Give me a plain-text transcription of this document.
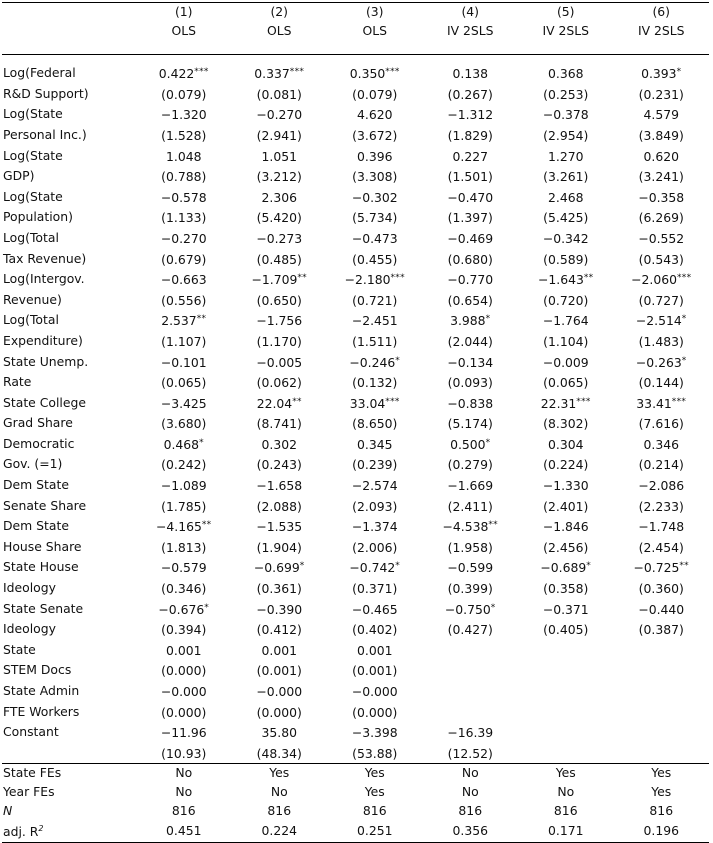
	(1)	(2)	(3)	(4)	(5)	(6)
	OLS	OLS	OLS	IV 2SLS	IV 2SLS	IV 2SLS
Log(Federal	0.422***	0.337***	0.350***	0.138	0.368	0.393*
R&D Support)	(0.079)	(0.081)	(0.079)	(0.267)	(0.253)	(0.231)
Log(State	−1.320	−0.270	4.620	−1.312	−0.378	4.579
Personal Inc.)	(1.528)	(2.941)	(3.672)	(1.829)	(2.954)	(3.849)
Log(State	1.048	1.051	0.396	0.227	1.270	0.620
GDP)	(0.788)	(3.212)	(3.308)	(1.501)	(3.261)	(3.241)
Log(State	−0.578	2.306	−0.302	−0.470	2.468	−0.358
Population)	(1.133)	(5.420)	(5.734)	(1.397)	(5.425)	(6.269)
Log(Total	−0.270	−0.273	−0.473	−0.469	−0.342	−0.552
Tax Revenue)	(0.679)	(0.485)	(0.455)	(0.680)	(0.589)	(0.543)
Log(Intergov.	−0.663	−1.709**	−2.180***	−0.770	−1.643**	−2.060***
Revenue)	(0.556)	(0.650)	(0.721)	(0.654)	(0.720)	(0.727)
Log(Total	2.537**	−1.756	−2.451	3.988*	−1.764	−2.514*
Expenditure)	(1.107)	(1.170)	(1.511)	(2.044)	(1.104)	(1.483)
State Unemp.	−0.101	−0.005	−0.246*	−0.134	−0.009	−0.263*
Rate	(0.065)	(0.062)	(0.132)	(0.093)	(0.065)	(0.144)
State College	−3.425	22.04**	33.04***	−0.838	22.31***	33.41***
Grad Share	(3.680)	(8.741)	(8.650)	(5.174)	(8.302)	(7.616)
Democratic	0.468*	0.302	0.345	0.500*	0.304	0.346
Gov. (=1)	(0.242)	(0.243)	(0.239)	(0.279)	(0.224)	(0.214)
Dem State	−1.089	−1.658	−2.574	−1.669	−1.330	−2.086
Senate Share	(1.785)	(2.088)	(2.093)	(2.411)	(2.401)	(2.233)
Dem State	−4.165**	−1.535	−1.374	−4.538**	−1.846	−1.748
House Share	(1.813)	(1.904)	(2.006)	(1.958)	(2.456)	(2.454)
State House	−0.579	−0.699*	−0.742*	−0.599	−0.689*	−0.725**
Ideology	(0.346)	(0.361)	(0.371)	(0.399)	(0.358)	(0.360)
State Senate	−0.676*	−0.390	−0.465	−0.750*	−0.371	−0.440
Ideology	(0.394)	(0.412)	(0.402)	(0.427)	(0.405)	(0.387)
State	0.001	0.001	0.001			
STEM Docs	(0.000)	(0.001)	(0.001)			
State Admin	−0.000	−0.000	−0.000			
FTE Workers	(0.000)	(0.000)	(0.000)			
Constant	−11.96	35.80	−3.398	−16.39		
	(10.93)	(48.34)	(53.88)	(12.52)		
State FEs	No	Yes	Yes	No	Yes	Yes
Year FEs	No	No	Yes	No	No	Yes
N	816	816	816	816	816	816
adj. $R^2$	0.451	0.224	0.251	0.356	0.171	0.196
